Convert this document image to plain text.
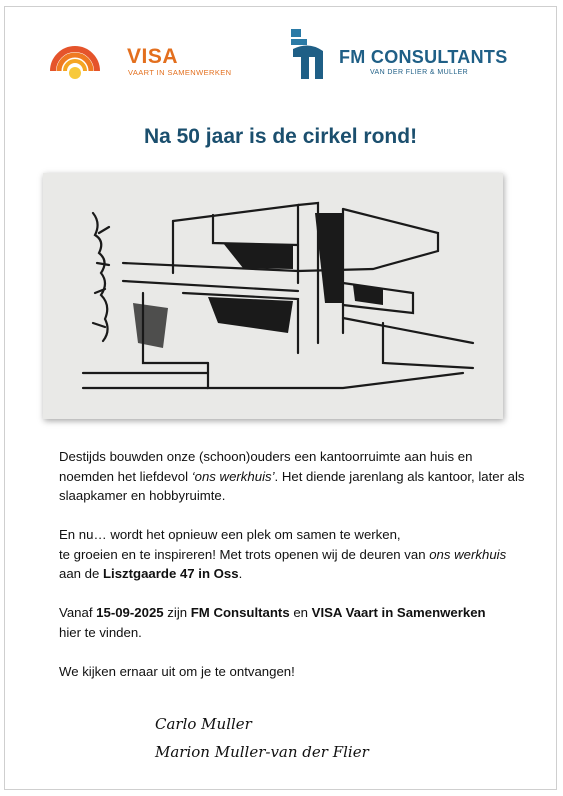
VISA
VAART IN SAMENWERKEN
FM CONSULTANTS
VAN DER FLIER & MULLER
Na 50 jaar is de cirkel rond!

Destijds bouwden onze (schoon)ouders een kantoorruimte aan huis en noemden het liefdevol ‘ons werkhuis’. Het diende jarenlang als kantoor, later als slaapkamer en hobbyruimte.

En nu… wordt het opnieuw een plek om samen te werken,
te groeien en te inspireren! Met trots openen wij de deuren van ons werkhuis aan de Lisztgaarde 47 in Oss.

Vanaf 15-09-2025 zijn FM Consultants en VISA Vaart in Samenwerken
hier te vinden.

We kijken ernaar uit om je te ontvangen!

Carlo Muller
Marion Muller-van der Flier
